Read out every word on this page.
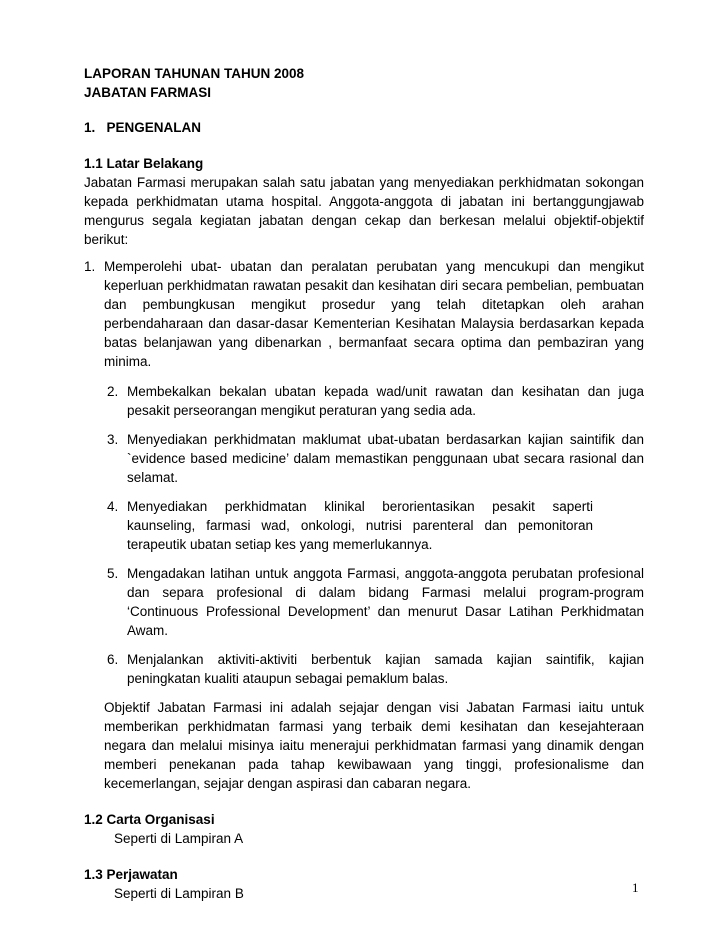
LAPORAN TAHUNAN TAHUN 2008
JABATAN FARMASI
1.   PENGENALAN
1.1 Latar Belakang
Jabatan Farmasi merupakan salah satu jabatan yang menyediakan perkhidmatan sokongan kepada perkhidmatan utama hospital. Anggota-anggota di jabatan ini bertanggungjawab mengurus segala kegiatan jabatan dengan cekap dan berkesan melalui objektif-objektif berikut:
1. Memperolehi ubat- ubatan dan peralatan perubatan yang mencukupi dan mengikut keperluan perkhidmatan rawatan pesakit dan kesihatan diri secara pembelian, pembuatan dan pembungkusan mengikut prosedur yang telah ditetapkan oleh arahan perbendaharaan dan dasar-dasar Kementerian Kesihatan Malaysia berdasarkan kepada batas belanjawan yang dibenarkan , bermanfaat secara optima dan pembaziran yang minima.
2. Membekalkan bekalan ubatan kepada wad/unit rawatan dan kesihatan dan juga pesakit perseorangan mengikut peraturan yang sedia ada.
3. Menyediakan perkhidmatan maklumat ubat-ubatan berdasarkan kajian saintifik dan `evidence based medicine’ dalam memastikan penggunaan ubat secara rasional dan selamat.
4. Menyediakan perkhidmatan klinikal berorientasikan pesakit saperti kaunseling, farmasi wad, onkologi, nutrisi parenteral dan pemonitoran terapeutik ubatan setiap kes yang memerlukannya.
5. Mengadakan latihan untuk anggota Farmasi, anggota-anggota perubatan profesional dan separa profesional di dalam bidang Farmasi melalui program-program ‘Continuous Professional Development’ dan menurut Dasar Latihan Perkhidmatan Awam.
6. Menjalankan aktiviti-aktiviti berbentuk kajian samada kajian saintifik, kajian peningkatan kualiti ataupun sebagai pemaklum balas.
Objektif Jabatan Farmasi ini adalah sejajar dengan visi Jabatan Farmasi iaitu untuk memberikan perkhidmatan farmasi yang terbaik demi kesihatan dan kesejahteraan negara dan melalui misinya iaitu menerajui perkhidmatan farmasi yang dinamik dengan memberi penekanan pada tahap kewibawaan yang tinggi, profesionalisme dan kecemerlangan, sejajar dengan aspirasi dan cabaran negara.
1.2 Carta Organisasi
Seperti di Lampiran A
1.3 Perjawatan
Seperti di Lampiran B	1
